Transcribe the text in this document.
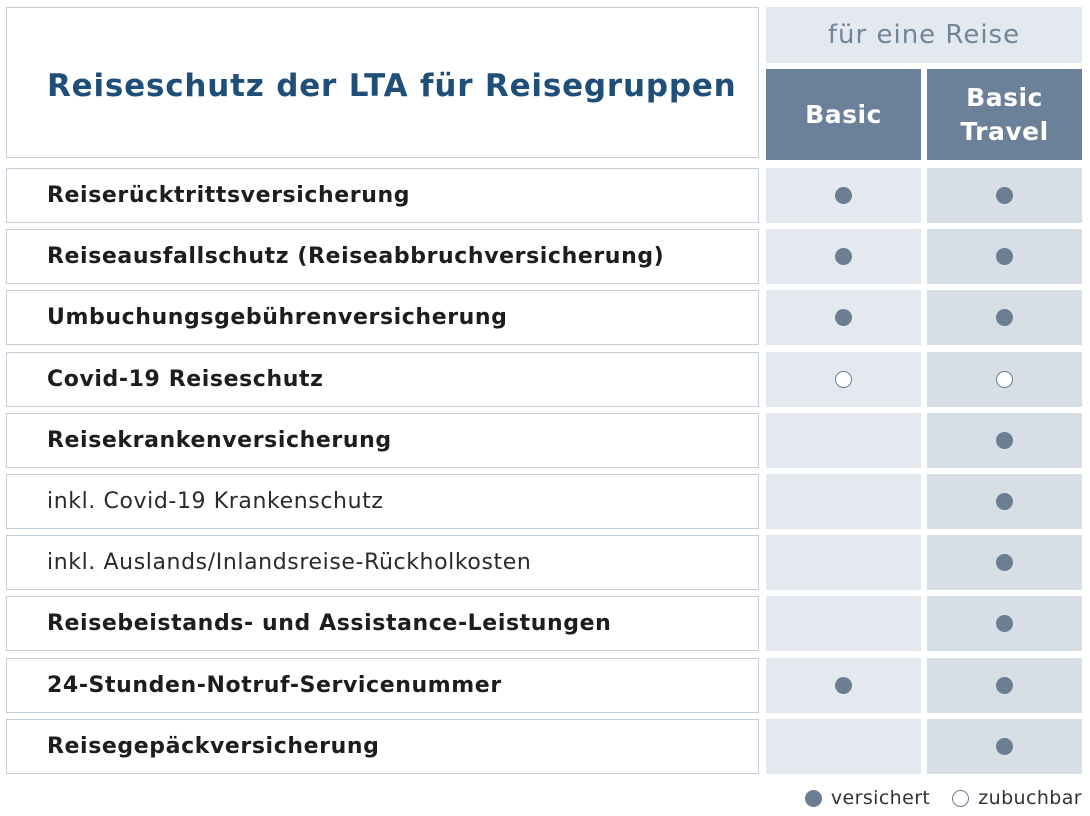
Reiseschutz der LTA für Reisegruppen
für eine Reise
Basic
Basic
Travel
Reiserücktrittsversicherung
Reiseausfallschutz (Reiseabbruchversicherung)
Umbuchungsgebührenversicherung
Covid-19 Reiseschutz
Reisekrankenversicherung
inkl. Covid-19 Krankenschutz
inkl. Auslands/Inlandsreise-Rückholkosten
Reisebeistands- und Assistance-Leistungen
24-Stunden-Notruf-Servicenummer
Reisegepäckversicherung
versichert	zubuchbar
